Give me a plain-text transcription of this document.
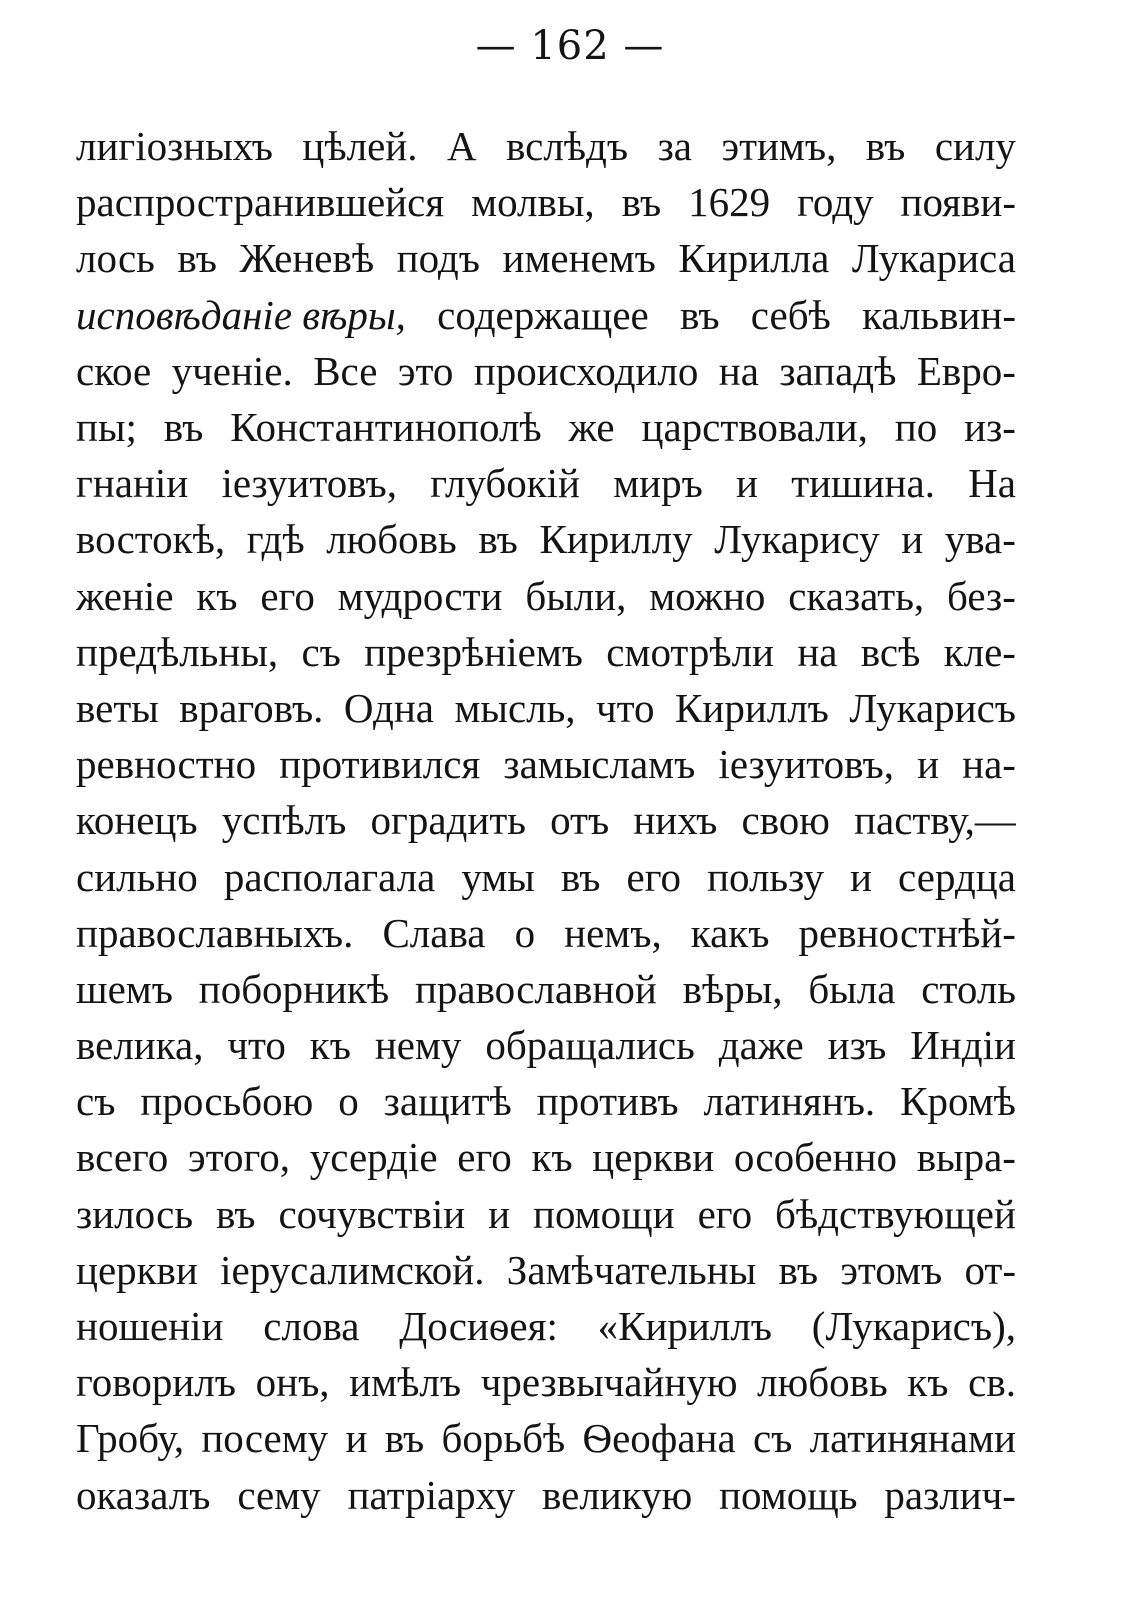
— 162 —
лигіозныхъ цѣлей. А вслѣдъ за этимъ, въ силу
распространившейся молвы, въ 1629 году появи-
лось въ Женевѣ подъ именемъ Кирилла Лукариса
исповѣданіе вѣры, содержащее въ себѣ кальвин-
ское ученіе. Все это происходило на западѣ Евро-
пы; въ Константинополѣ же царствовали, по из-
гнаніи іезуитовъ, глубокій миръ и тишина. На
востокѣ, гдѣ любовь въ Кириллу Лукарису и ува-
женіе къ его мудрости были, можно сказать, без-
предѣльны, съ презрѣніемъ смотрѣли на всѣ кле-
веты враговъ. Одна мысль, что Кириллъ Лукарисъ
ревностно противился замысламъ іезуитовъ, и на-
конецъ успѣлъ оградить отъ нихъ свою паству,—
сильно располагала умы въ его пользу и сердца
православныхъ. Слава о немъ, какъ ревностнѣй-
шемъ поборникѣ православной вѣры, была столь
велика, что къ нему обращались даже изъ Индіи
съ просьбою о защитѣ противъ латинянъ. Кромѣ
всего этого, усердіе его къ церкви особенно выра-
зилось въ сочувствіи и помощи его бѣдствующей
церкви іерусалимской. Замѣчательны въ этомъ от-
ношеніи слова Досиѳея: «Кириллъ (Лукарисъ),
говорилъ онъ, имѣлъ чрезвычайную любовь къ св.
Гробу, посему и въ борьбѣ Ѳеофана съ латинянами
оказалъ сему патріарху великую помощь различ-
